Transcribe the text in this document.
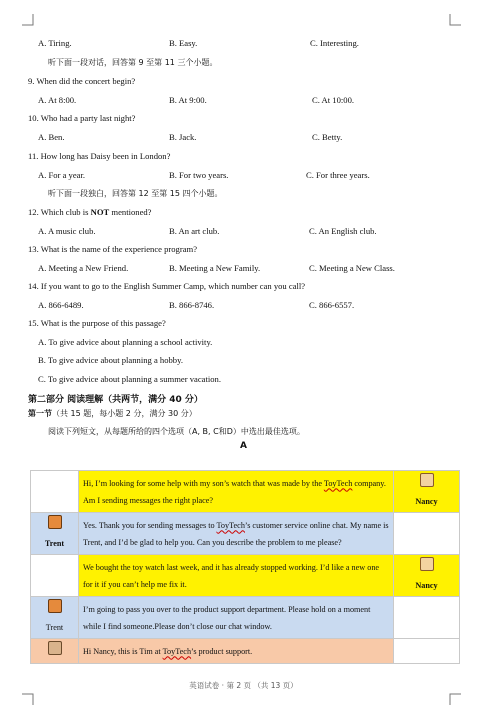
A. Tiring.	B. Easy.	C. Interesting.
听下面一段对话，回答第 9 至第 11 三个小题。
9. When did the concert begin?
A. At 8:00.	B. At 9:00.	C. At 10:00.
10. Who had a party last night?
A. Ben.	B. Jack.	C. Betty.
11. How long has Daisy been in London?
A. For a year.	B. For two years.	C. For three years.
听下面一段独白，回答第 12 至第 15 四个小题。
12. Which club is NOT mentioned?
A. A music club.	B. An art club.	C. An English club.
13. What is the name of the experience program?
A. Meeting a New Friend.	B. Meeting a New Family.	C. Meeting a New Class.
14. If you want to go to the English Summer Camp, which number can you call?
A. 866-6489.	B. 866-8746.	C. 866-6557.
15. What is the purpose of this passage?
A. To give advice about planning a school activity.
B. To give advice about planning a hobby.
C. To give advice about planning a summer vacation.
第二部分 阅读理解（共两节，满分 40 分）
第一节（共 15 题，每小题 2 分，满分 30 分）
阅读下列短文，从每题所给的四个选项（A, B, C和D）中选出最佳选项。
A
	Hi, I’m looking for some help with my son’s watch that was made by the ToyTech company. Am I sending messages the right place?	Nancy

Trent	Yes. Thank you for sending messages to ToyTech’s customer service online chat. My name is Trent, and I’d be glad to help you. Can you describe the problem to me please?	
	We bought the toy watch last week, and it has already stopped working. I’d like a new one for it if you can’t help me fix it.	Nancy

Trent	I’m going to pass you over to the product support department. Please hold on a moment while I find someone.Please don’t close our chat window.	
	Hi Nancy, this is Tim at ToyTech’s product support.	
英语试卷 · 第 2 页 （共 13 页）
